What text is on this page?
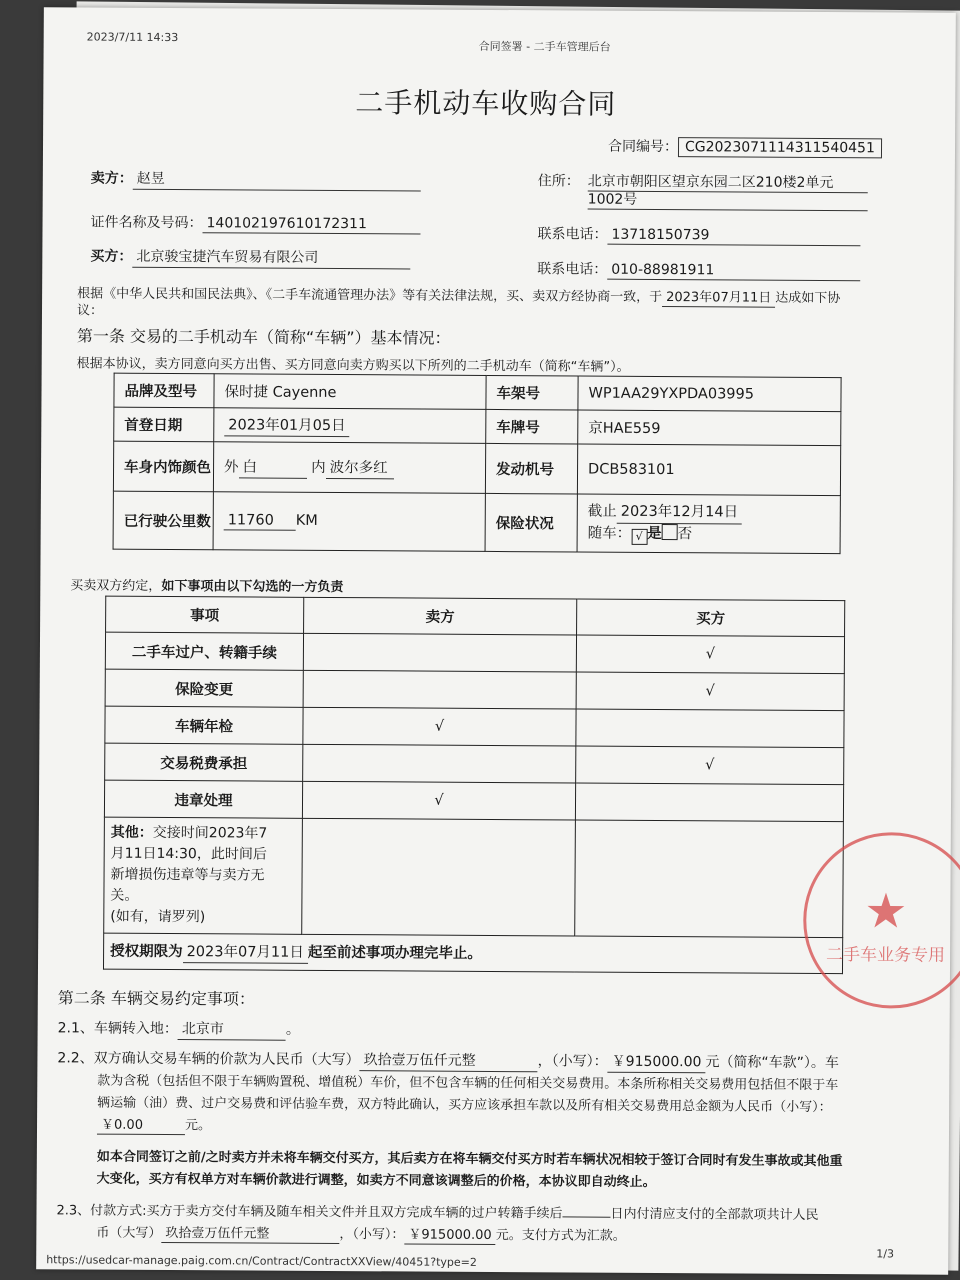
2023/7/11 14:33
合同签署 - 二手车管理后台
二手机动车收购合同
合同编号： CG2023071114311540451
卖方： 赵昱	住所： 北京市朝阳区望京东园二区210楼2单元
1002号
证件名称及号码： 140102197610172311
联系电话： 13718150739
买方： 北京骏宝捷汽车贸易有限公司
联系电话： 010-88981911
根据《中华人民共和国民法典》、《二手车流通管理办法》等有关法律法规，买、卖双方经协商一致，于 2023年07月11日 达成如下协
议：
第一条 交易的二手机动车（简称“车辆”）基本情况：
根据本协议，卖方同意向买方出售、买方同意向卖方购买以下所列的二手机动车（简称“车辆”）。
品牌及型号	保时捷 Cayenne	车架号	WP1AA29YXPDA03995
首登日期	2023年01月05日	车牌号	京HAE559
车身内饰颜色	外 白 内 波尔多红	发动机号	DCB583101
已行驶公里数	11760 KM	保险状况	截止 2023年12月14日
随车： √ 是 否
买卖双方约定，如下事项由以下勾选的一方负责
事项	卖方	买方
二手车过户、转籍手续		√
保险变更		√
车辆年检	√	
交易税费承担		√
违章处理	√	
其他：交接时间2023年7
月11日14:30，此时间后
新增损伤违章等与卖方无
关。
(如有，请罗列)		
授权期限为 2023年07月11日 起至前述事项办理完毕止。		
★
二手车业务专用
第二条 车辆交易约定事项：
2.1、车辆转入地： 北京市	。
2.2、双方确认交易车辆的价款为人民币（大写） 玖拾壹万伍仟元整	，（小写）： ￥915000.00 元（简称“车款”）。车
款为含税（包括但不限于车辆购置税、增值税）车价，但不包含车辆的任何相关交易费用。本条所称相关交易费用包括但不限于车
辆运输（油）费、过户交易费和评估验车费，双方特此确认，买方应该承担车款以及所有相关交易费用总金额为人民币（小写）：
￥0.00	元。
如本合同签订之前/之时卖方并未将车辆交付买方，其后卖方在将车辆交付买方时若车辆状况相较于签订合同时有发生事故或其他重
大变化，买方有权单方对车辆价款进行调整，如卖方不同意该调整后的价格，本协议即自动终止。
2.3、付款方式:买方于卖方交付车辆及随车相关文件并且双方完成车辆的过户转籍手续后	日内付清应支付的全部款项共计人民
币（大写） 玖拾壹万伍仟元整	，（小写）： ￥915000.00 元。支付方式为汇款。
https://usedcar-manage.paig.com.cn/Contract/ContractXXView/40451?type=2	1/3
